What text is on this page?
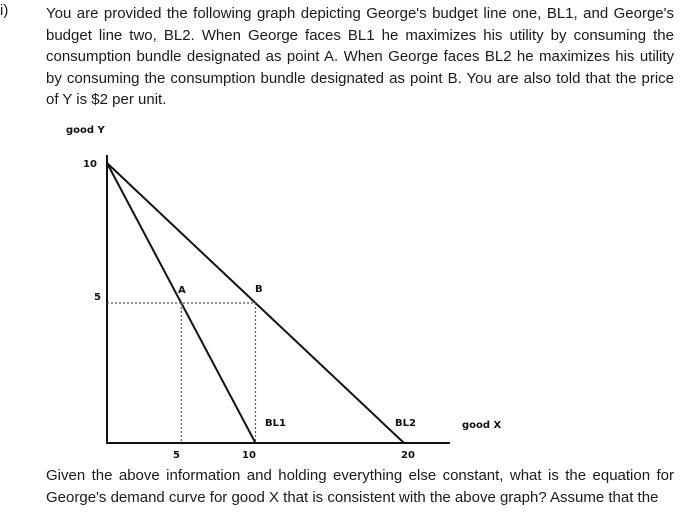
i)	You are provided the following graph depicting George's budget line one, BL1, and George's budget line two, BL2. When George faces BL1 he maximizes his utility by consuming the consumption bundle designated as point A. When George faces BL2 he maximizes his utility by consuming the consumption bundle designated as point B. You are also told that the price of Y is $2 per unit.

good Y
good X
10
5
5	10	20
A	B
BL1	BL2

Given the above information and holding everything else constant, what is the equation for George's demand curve for good X that is consistent with the above graph? Assume that the
